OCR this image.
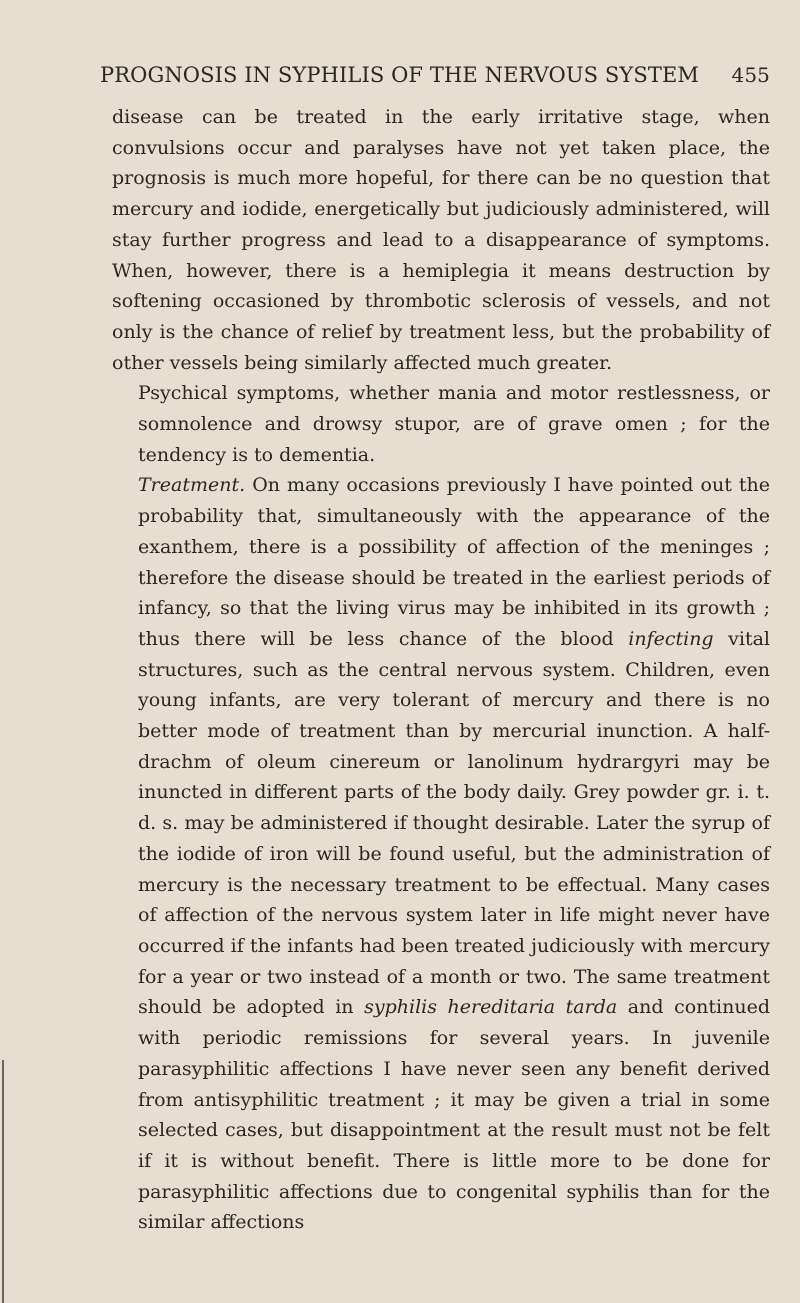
PROGNOSIS IN SYPHILIS OF THE NERVOUS SYSTEM 455

disease can be treated in the early irritative stage, when convulsions occur and paralyses have not yet taken place, the prognosis is much more hopeful, for there can be no question that mercury and iodide, energetically but judiciously administered, will stay further progress and lead to a disappearance of symptoms. When, however, there is a hemiplegia it means destruction by softening occasioned by thrombotic sclerosis of vessels, and not only is the chance of relief by treatment less, but the probability of other vessels being similarly affected much greater.

Psychical symptoms, whether mania and motor restlessness, or somnolence and drowsy stupor, are of grave omen ; for the tendency is to dementia.

Treatment. On many occasions previously I have pointed out the probability that, simultaneously with the appearance of the exanthem, there is a possibility of affection of the meninges ; therefore the disease should be treated in the earliest periods of infancy, so that the living virus may be inhibited in its growth ; thus there will be less chance of the blood infecting vital structures, such as the central nervous system. Children, even young infants, are very tolerant of mercury and there is no better mode of treatment than by mercurial inunction. A half-drachm of oleum cinereum or lanolinum hydrargyri may be inuncted in different parts of the body daily. Grey powder gr. i. t. d. s. may be administered if thought desirable. Later the syrup of the iodide of iron will be found useful, but the administration of mercury is the necessary treatment to be effectual. Many cases of affection of the nervous system later in life might never have occurred if the infants had been treated judiciously with mercury for a year or two instead of a month or two. The same treatment should be adopted in syphilis hereditaria tarda and continued with periodic remissions for several years. In juvenile parasyphilitic affections I have never seen any benefit derived from antisyphilitic treatment ; it may be given a trial in some selected cases, but disappointment at the result must not be felt if it is without benefit. There is little more to be done for parasyphilitic affections due to congenital syphilis than for the similar affections
